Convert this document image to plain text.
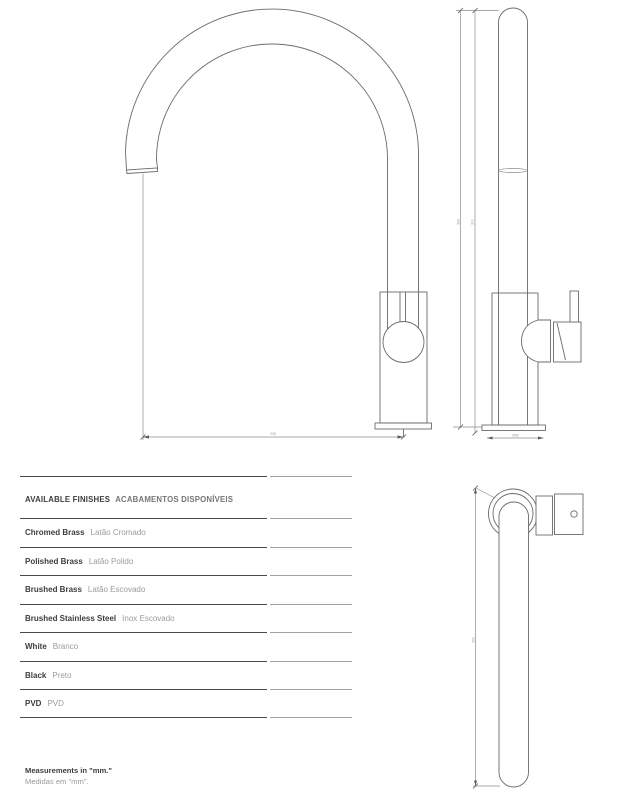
228
368	310
Ø50
252
AVAILABLE FINISHES ACABAMENTOS DISPONÍVEIS
Chromed Brass Latão Cromado
Polished Brass Latão Polido
Brushed Brass Latão Escovado
Brushed Stainless Steel Inox Escovado
White Branco
Black Preto
PVD PVD
Measurements in "mm."
Medidas em "mm".
